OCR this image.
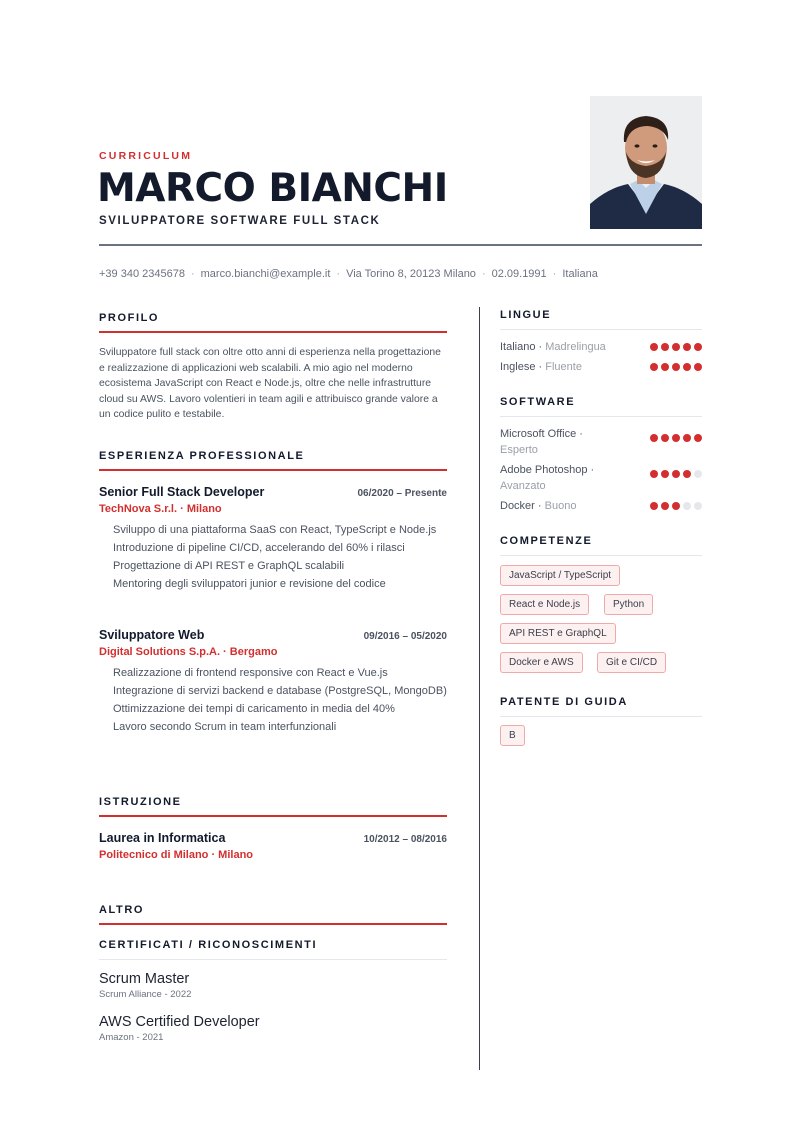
CURRICULUM
MARCO BIANCHI
SVILUPPATORE SOFTWARE FULL STACK
+39 340 2345678 · marco.bianchi@example.it · Via Torino 8, 20123 Milano · 02.09.1991 · Italiana
PROFILO
Sviluppatore full stack con oltre otto anni di esperienza nella progettazione e realizzazione di applicazioni web scalabili. A mio agio nel moderno ecosistema JavaScript con React e Node.js, oltre che nelle infrastrutture cloud su AWS. Lavoro volentieri in team agili e attribuisco grande valore a un codice pulito e testabile.
ESPERIENZA PROFESSIONALE
Senior Full Stack Developer	06/2020 – Presente
TechNova S.r.l. · Milano
Sviluppo di una piattaforma SaaS con React, TypeScript e Node.js
Introduzione di pipeline CI/CD, accelerando del 60% i rilasci
Progettazione di API REST e GraphQL scalabili
Mentoring degli sviluppatori junior e revisione del codice
Sviluppatore Web	09/2016 – 05/2020
Digital Solutions S.p.A. · Bergamo
Realizzazione di frontend responsive con React e Vue.js
Integrazione di servizi backend e database (PostgreSQL, MongoDB)
Ottimizzazione dei tempi di caricamento in media del 40%
Lavoro secondo Scrum in team interfunzionali
ISTRUZIONE
Laurea in Informatica	10/2012 – 08/2016
Politecnico di Milano · Milano
ALTRO
CERTIFICATI / RICONOSCIMENTI
Scrum Master
Scrum Alliance - 2022
AWS Certified Developer
Amazon - 2021
LINGUE
Italiano · Madrelingua
Inglese · Fluente
SOFTWARE
Microsoft Office · Esperto
Adobe Photoshop · Avanzato
Docker · Buono
COMPETENZE
JavaScript / TypeScript
React e Node.js	Python
API REST e GraphQL
Docker e AWS	Git e CI/CD
PATENTE DI GUIDA
B
